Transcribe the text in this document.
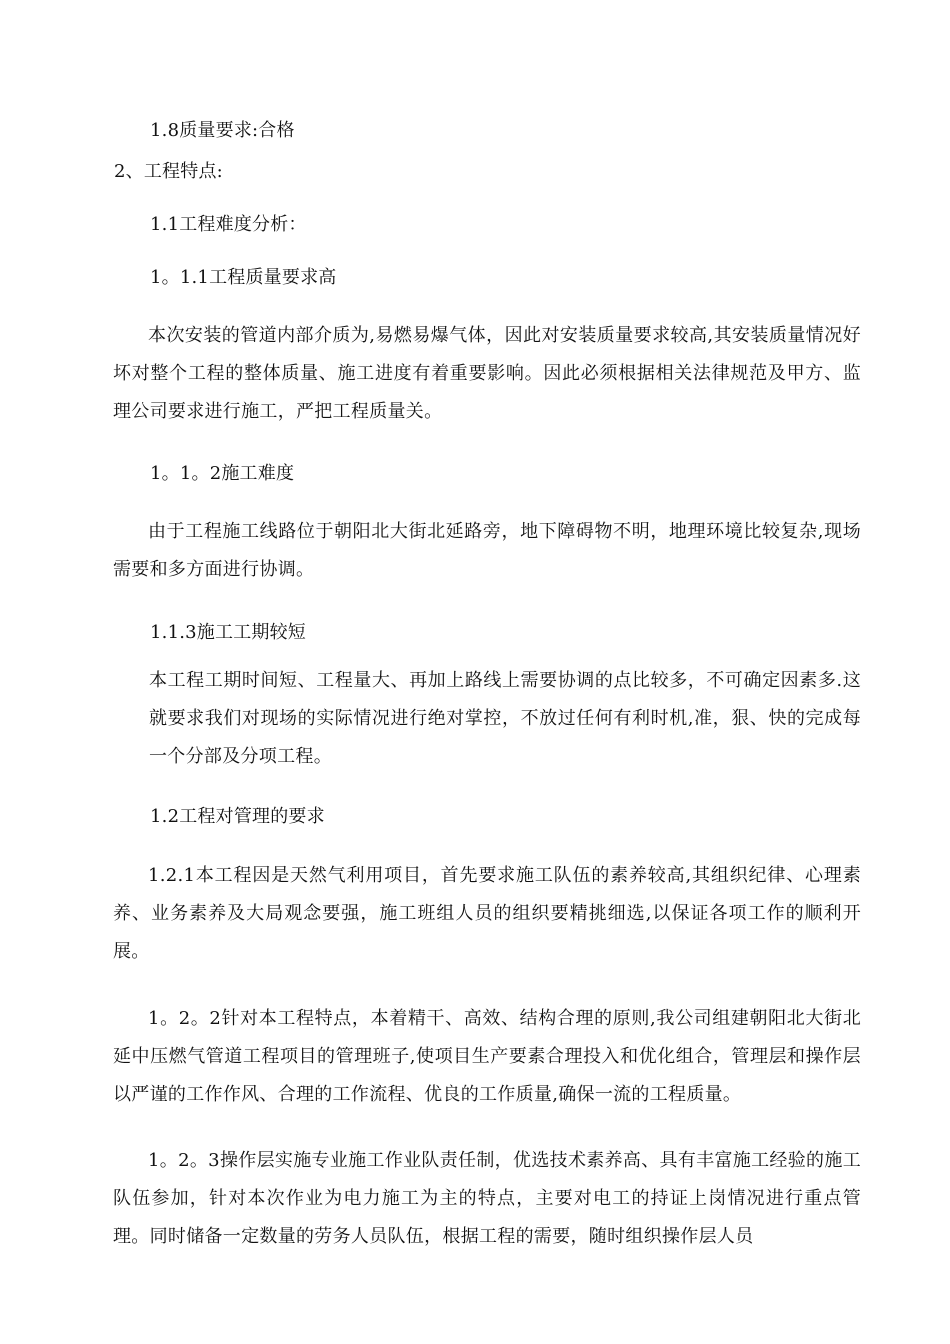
1.8质量要求:合格
2、工程特点:
1.1工程难度分析：
1。1.1工程质量要求高
本次安装的管道内部介质为,易燃易爆气体，因此对安装质量要求较高,其安装质量情况好坏对整个工程的整体质量、施工进度有着重要影响。因此必须根据相关法律规范及甲方、监理公司要求进行施工，严把工程质量关。
1。1。2施工难度
由于工程施工线路位于朝阳北大街北延路旁，地下障碍物不明，地理环境比较复杂,现场需要和多方面进行协调。
1.1.3施工工期较短
本工程工期时间短、工程量大、再加上路线上需要协调的点比较多，不可确定因素多.这就要求我们对现场的实际情况进行绝对掌控，不放过任何有利时机,准，狠、快的完成每一个分部及分项工程。
1.2工程对管理的要求
1.2.1本工程因是天然气利用项目，首先要求施工队伍的素养较高,其组织纪律、心理素养、业务素养及大局观念要强，施工班组人员的组织要精挑细选,以保证各项工作的顺利开展。
1。2。2针对本工程特点，本着精干、高效、结构合理的原则,我公司组建朝阳北大街北延中压燃气管道工程项目的管理班子,使项目生产要素合理投入和优化组合，管理层和操作层以严谨的工作作风、合理的工作流程、优良的工作质量,确保一流的工程质量。
1。2。3操作层实施专业施工作业队责任制，优选技术素养高、具有丰富施工经验的施工队伍参加，针对本次作业为电力施工为主的特点，主要对电工的持证上岗情况进行重点管理。同时储备一定数量的劳务人员队伍，根据工程的需要，随时组织操作层人员
